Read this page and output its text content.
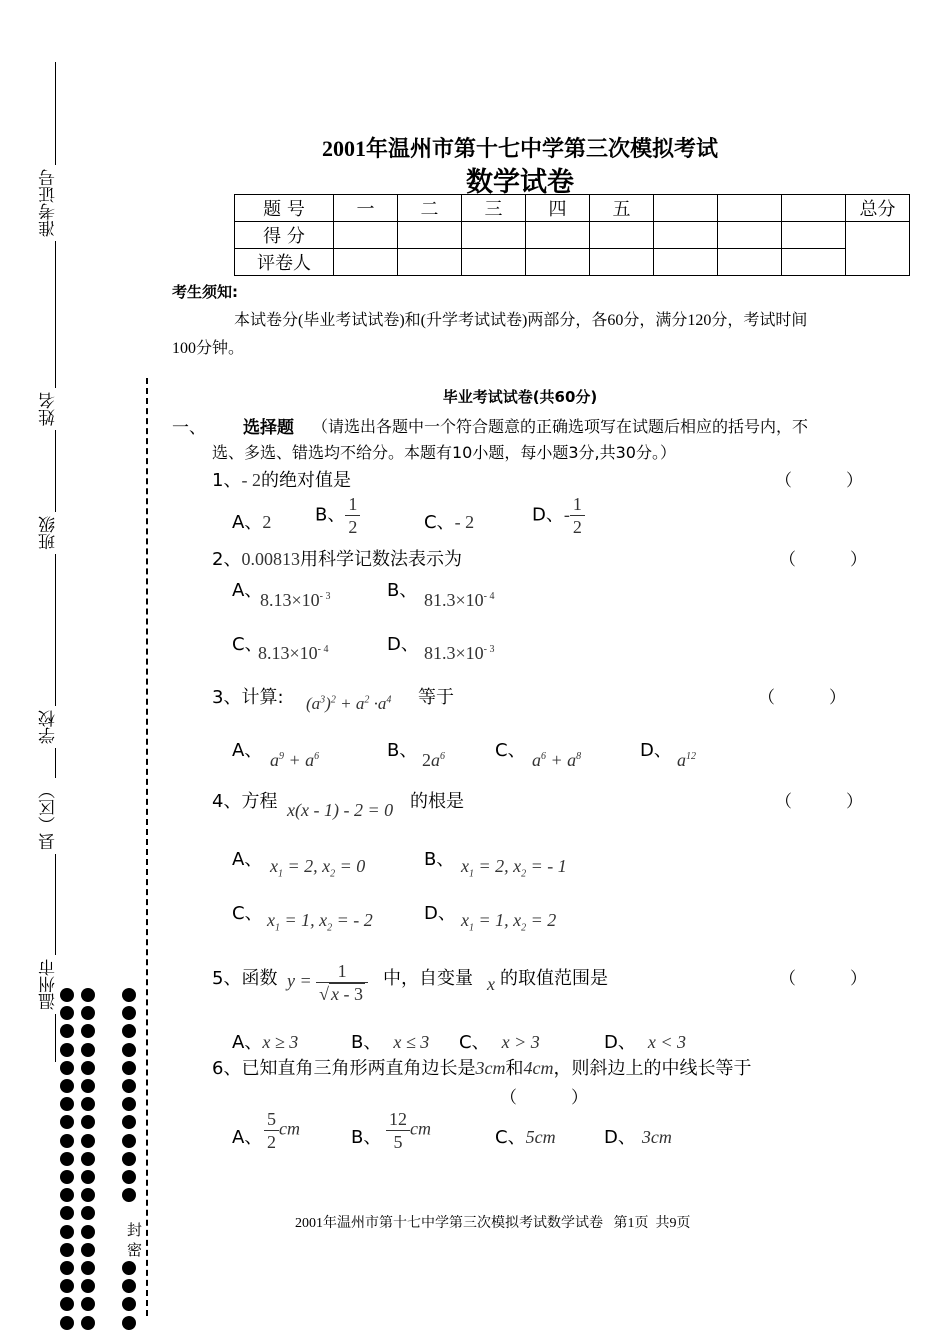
准考证号
姓名
班级
学校
县（区）
温州市
封 密
2001年温州市第十七中学第三次模拟考试
数学试卷
题 号	一	二	三	四	五				总分
得 分									
评卷人									
考生须知:
本试卷分(毕业考试试卷)和(升学考试试卷)两部分，各60分，满分120分，考试时间
100分钟。
毕业考试试卷(共60分)
一、 选择题 （请选出各题中一个符合题意的正确选项写在试题后相应的括号内，不
选、多选、错选均不给分。本题有10小题，每小题3分,共30分。）
1、- 2的绝对值是	（          ）
A、2 B、 $\frac{1}{2}$	C、- 2	D、- $\frac{1}{2}$
2、0.00813用科学记数法表示为	（          ）
A、
$8.13\times 10^{- 3}$	B、 $81.3\times 10^{- 4}$
C、
$8.13\times 10^{- 4}$	D、 $81.3\times 10^{- 3}$
3、计算: $(a^3)^2 + a^2 \cdot a^4$ 等于	（          ）
A、 $a^9 + a^6$	B、 $2a^6$	C、 $a^6 + a^8$	D、 $a^{12}$
4、方程 x(x - 1) - 2 = 0 的根是	（          ）
A、 $x_1 = 2$, $x_2 = 0$	B、 $x_1 = 2$, $x_2$ = - 1
C、 $x_1 = 1$, $x_2$ = - 2	D、 $x_1 = 1$, $x_2 = 2$
5、函数 $y = \frac{1}{√ x - 3}$ 中，自变量 x 的取值范围是	（          ）
A、x ≥ 3	B、 x ≤ 3 C、 x > 3	D、 x < 3
6、已知直角三角形两直角边长是3cm和4cm，则斜边上的中线长等于
（          ）
A、 $\frac{5}{2}$ cm	B、 $\frac{12}{5}$ cm	C、5cm	D、 3cm
2001年温州市第十七中学第三次模拟考试数学试卷   第1页  共9页
